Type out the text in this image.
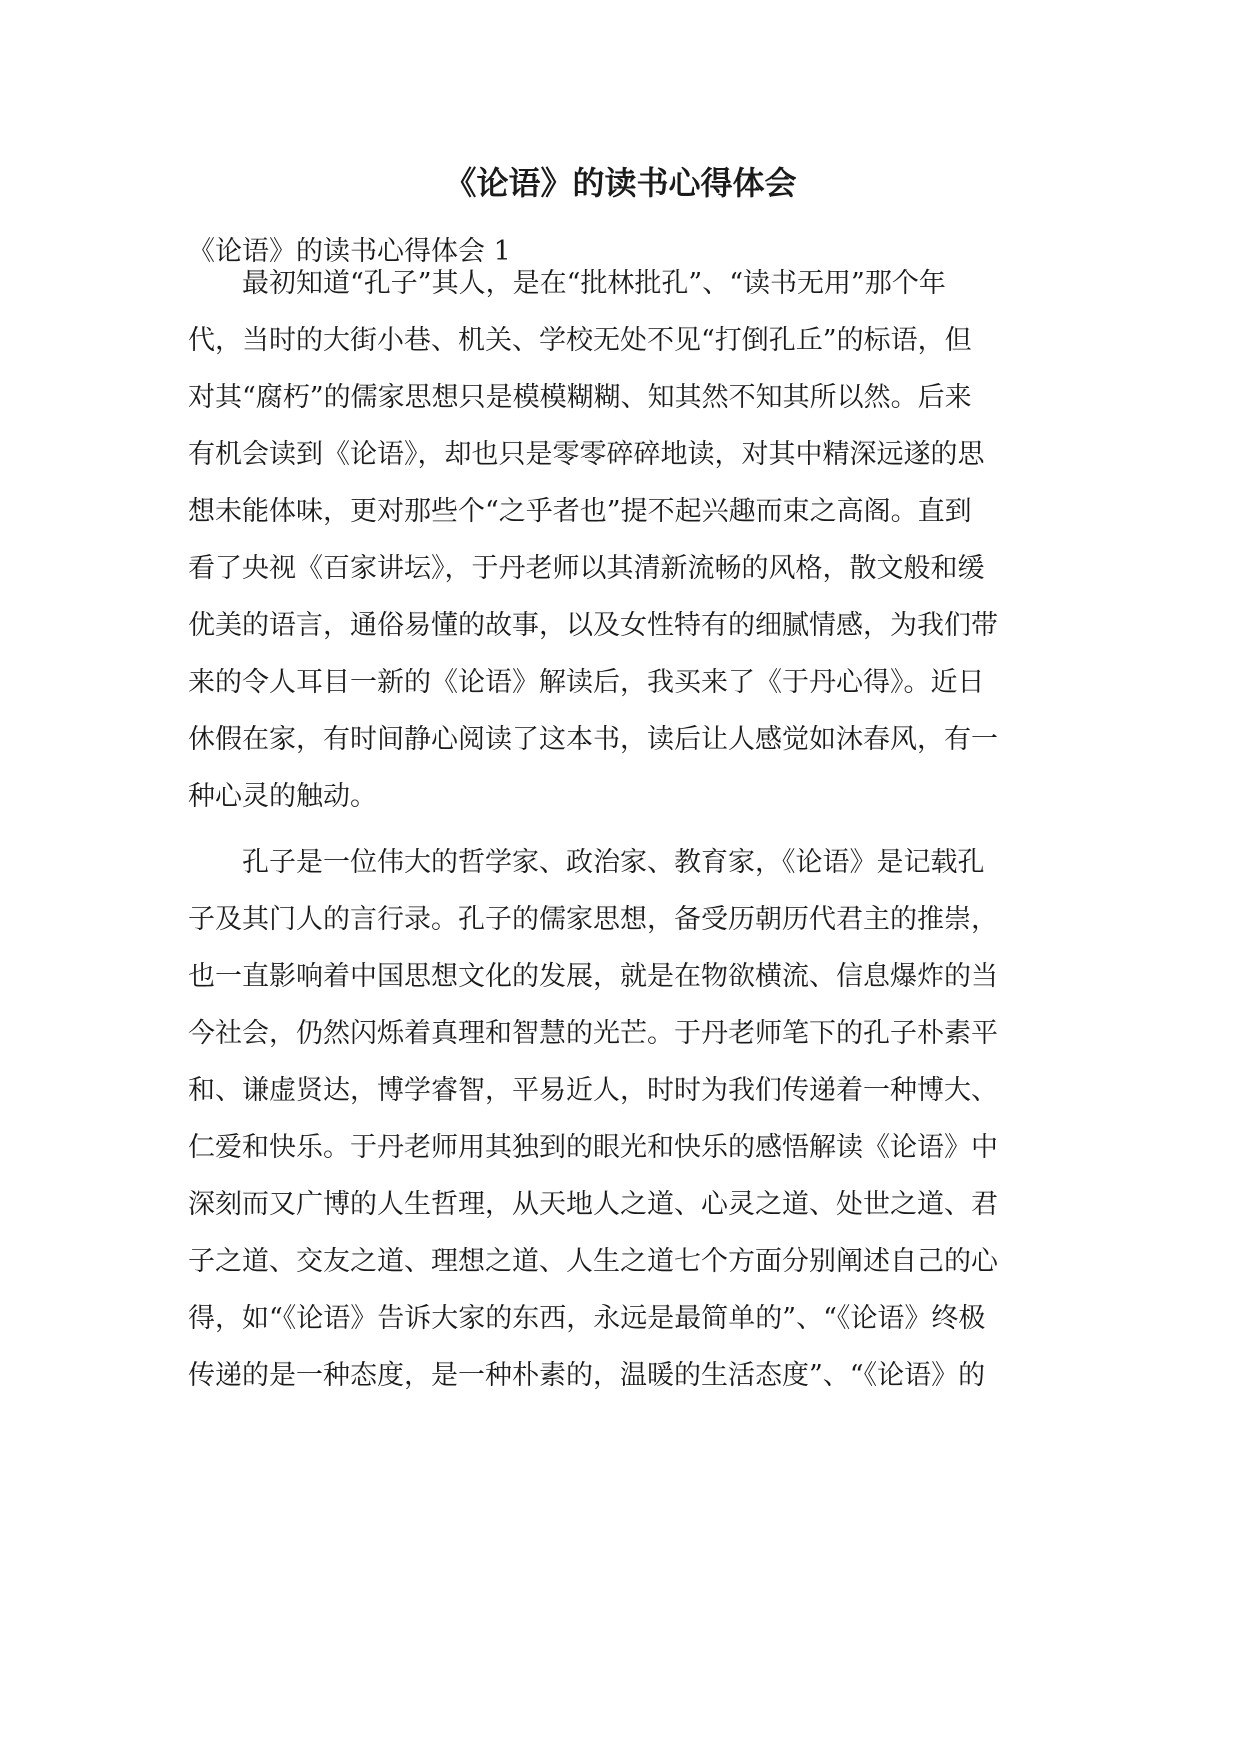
《论语》的读书心得体会
《论语》的读书心得体会 1
　　最初知道“孔子”其人，是在“批林批孔”、“读书无用”那个年
代，当时的大街小巷、机关、学校无处不见“打倒孔丘”的标语，但
对其“腐朽”的儒家思想只是模模糊糊、知其然不知其所以然。后来
有机会读到《论语》，却也只是零零碎碎地读，对其中精深远遂的思
想未能体味，更对那些个“之乎者也”提不起兴趣而束之高阁。直到
看了央视《百家讲坛》，于丹老师以其清新流畅的风格，散文般和缓
优美的语言，通俗易懂的故事，以及女性特有的细腻情感，为我们带
来的令人耳目一新的《论语》解读后，我买来了《于丹心得》。近日
休假在家，有时间静心阅读了这本书，读后让人感觉如沐春风，有一
种心灵的触动。
　　孔子是一位伟大的哲学家、政治家、教育家，《论语》是记载孔
子及其门人的言行录。孔子的儒家思想，备受历朝历代君主的推崇，
也一直影响着中国思想文化的发展，就是在物欲横流、信息爆炸的当
今社会，仍然闪烁着真理和智慧的光芒。于丹老师笔下的孔子朴素平
和、谦虚贤达，博学睿智，平易近人，时时为我们传递着一种博大、
仁爱和快乐。于丹老师用其独到的眼光和快乐的感悟解读《论语》中
深刻而又广博的人生哲理，从天地人之道、心灵之道、处世之道、君
子之道、交友之道、理想之道、人生之道七个方面分别阐述自己的心
得，如“《论语》告诉大家的东西，永远是最简单的”、“《论语》终极
传递的是一种态度，是一种朴素的，温暖的生活态度”、“《论语》的
